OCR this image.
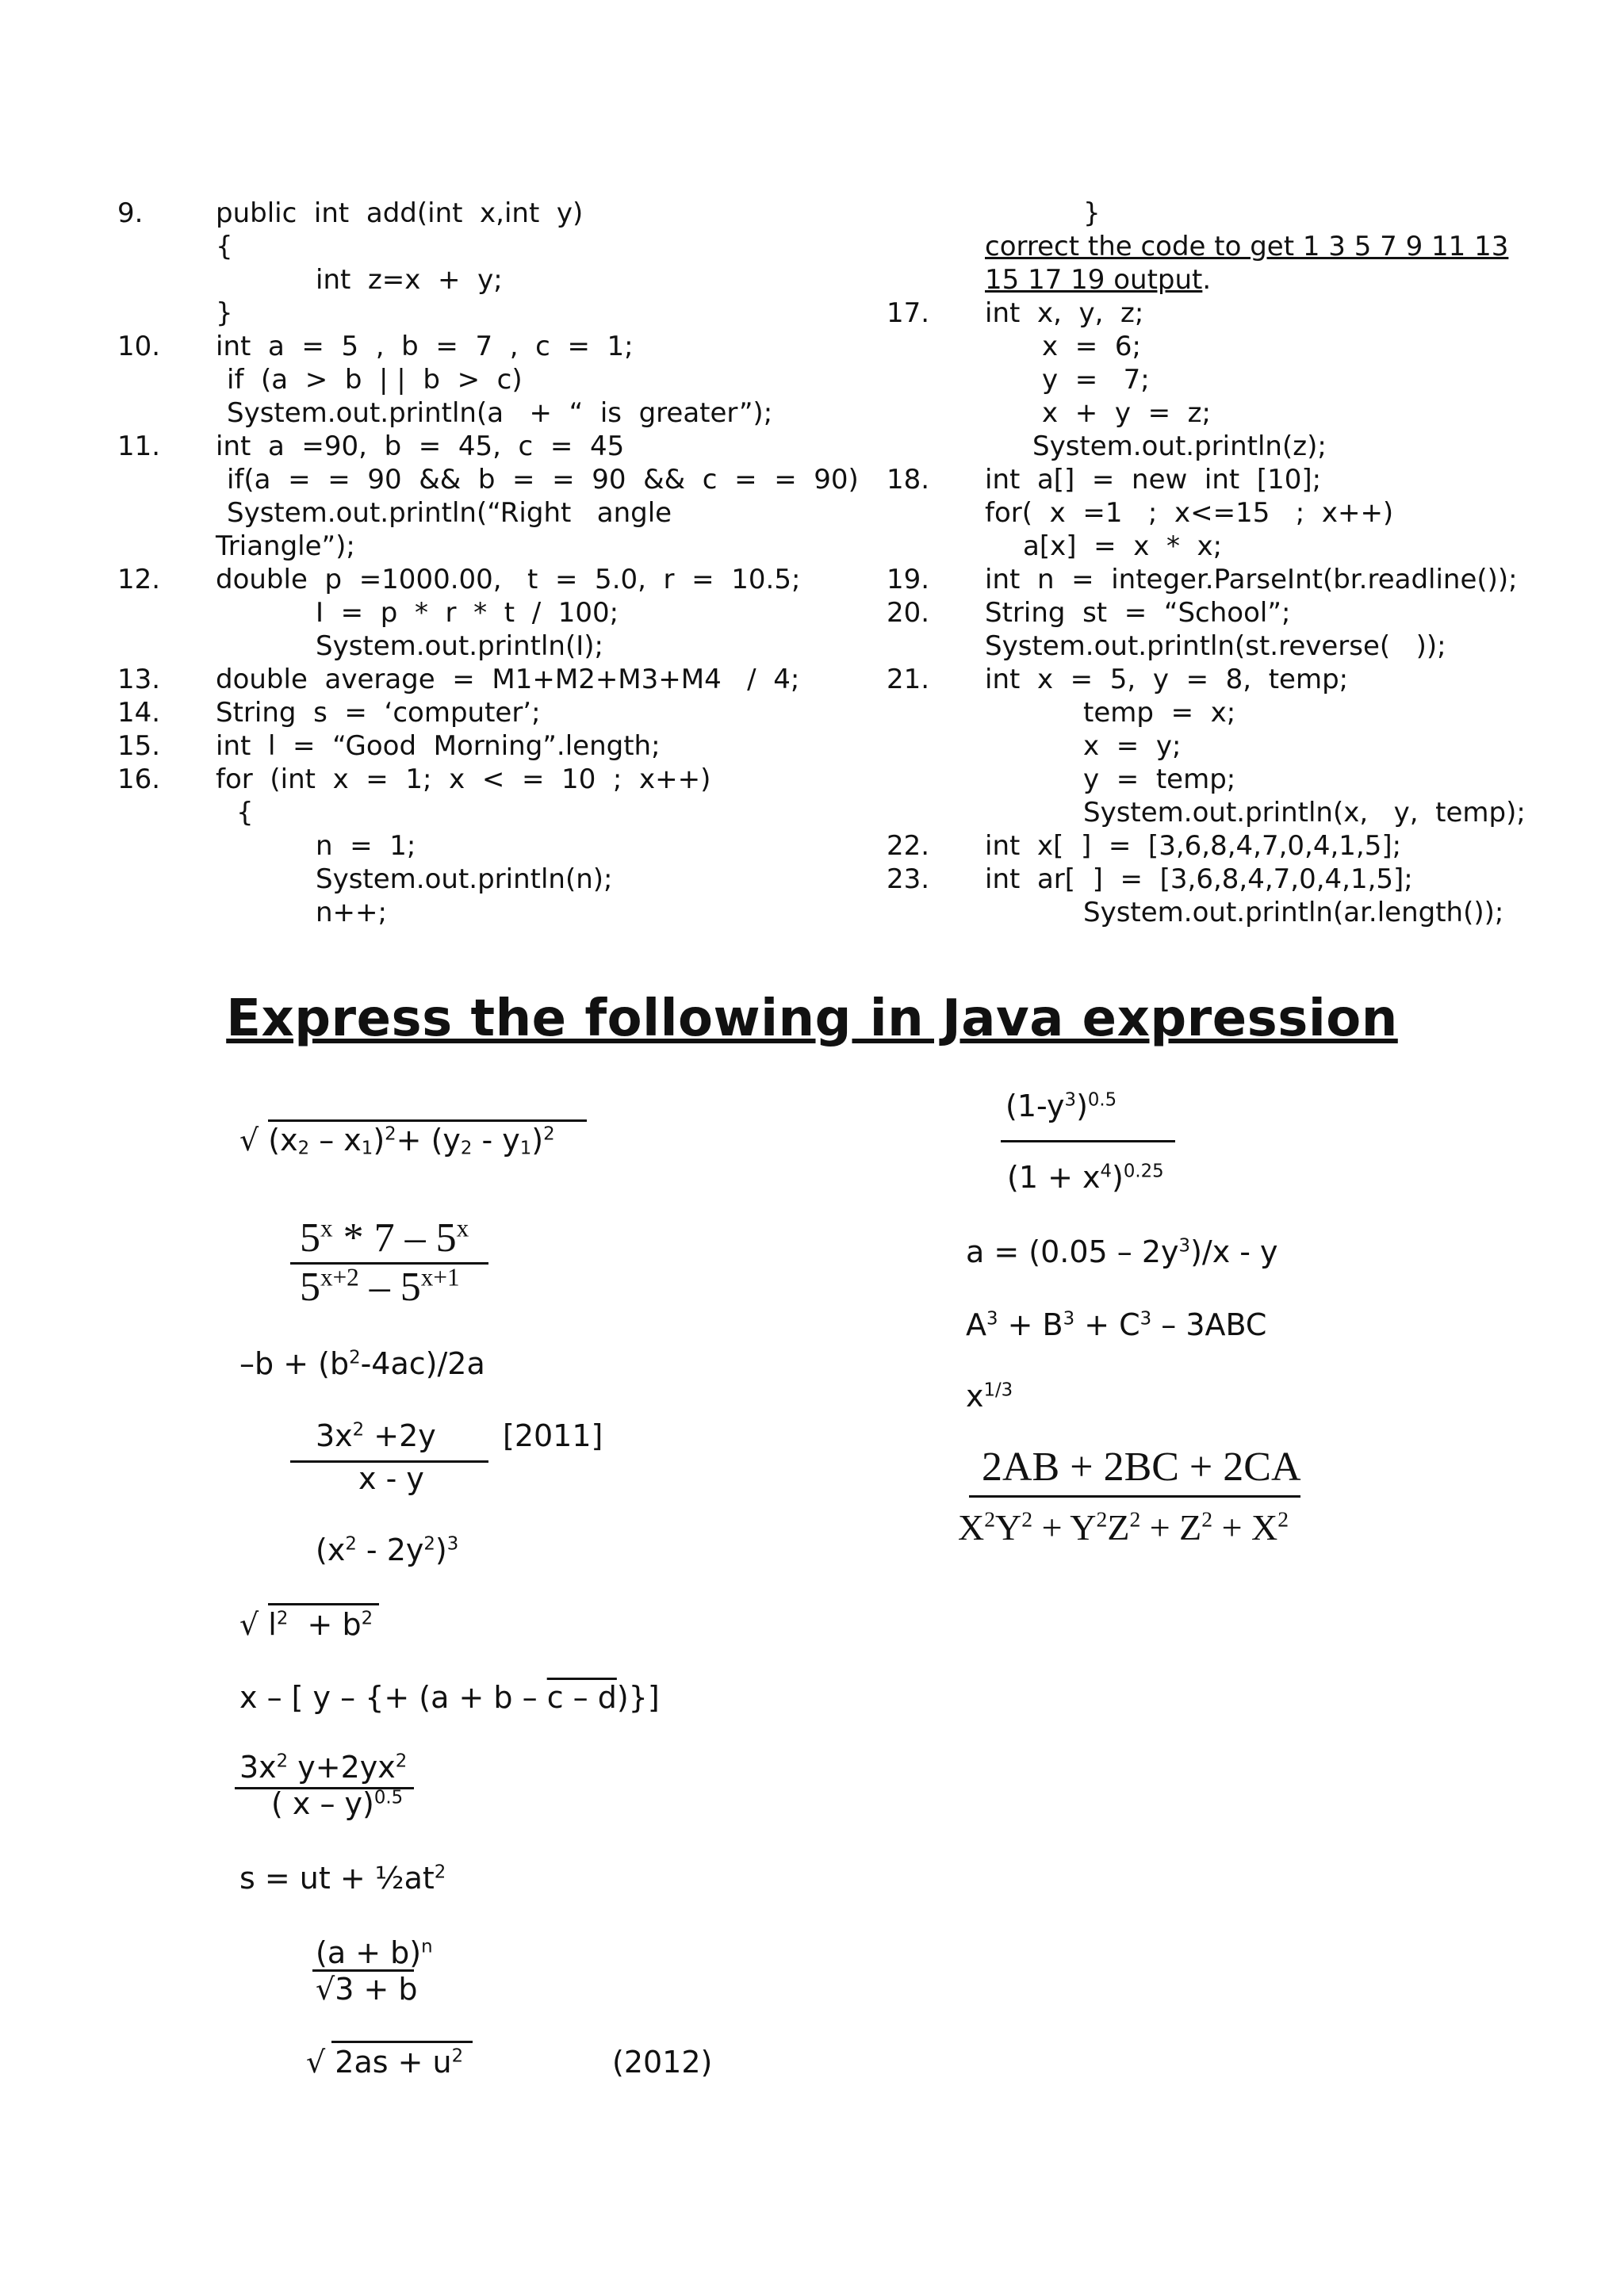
9.	public  int  add(int  x,int  y)
{
int  z=x  +  y;
}
10. int  a  =  5  ,  b  =  7  ,  c  =  1;
if  (a  >  b  | |  b  >  c)
System.out.println(a   +  “  is  greater”);
11. int  a  =90,  b  =  45,  c  =  45
if(a  =  =  90  &&  b  =  =  90  &&  c  =  =  90)
System.out.println(“Right   angle
Triangle”);
12. double  p  =1000.00,   t  =  5.0,  r  =  10.5;
I  =  p  *  r  *  t  /  100;
System.out.println(I);
13. double  average  =  M1+M2+M3+M4   /  4;
14. String  s  =  ‘computer’;
15. int  l  =  “Good  Morning”.length;
16. for  (int  x  =  1;  x  <  =  10  ;  x++)
{
n  =  1;
System.out.println(n);
n++;
}
correct the code to get 1 3 5 7 9 11 13
15 17 19 output.
17. int  x,  y,  z;
x  =  6;
y  =   7;
x  +  y  =  z;
System.out.println(z);
18. int  a[]  =  new  int  [10];
for(  x  =1   ;  x<=15   ;  x++)
a[x]  =  x  *  x;
19. int  n  =  integer.ParseInt(br.readline());
20. String  st  =  “School”;
System.out.println(st.reverse(   ));
21. int  x  =  5,  y  =  8,  temp;
temp  =  x;
x  =  y;
y  =  temp;
System.out.println(x,   y,  temp);
22. int  x[  ]  =  [3,6,8,4,7,0,4,1,5];
23. int  ar[  ]  =  [3,6,8,4,7,0,4,1,5];
System.out.println(ar.length());
Express the following in Java expression
√ $(x_2 - x_1)^2+ (y_2 - y_1)^2$
5$^x$ * 7 – 5$^x$
$5^{x+2} - 5^{x+1}$
$-b + (b^2-4ac)/2a$
$3x^2 +2y$ [2011]
x - y
$(x^2 - 2y^2)^3$
√ $l^2 + b^2$
x – [ y – {+ (a + b – c – d)}]
$3x^2$ $y+2yx^2$
( x – y)$^{0.5}$
s = ut + $\frac{1}{2}at^2$
$(a + b)^n$
√3 + b
√ $2as + u^2$	(2012)
$(1-y^3)^{0.5}$
$(1 + x^4)^{0.25}$
$a = (0.05 - 2y^3)/x - y$
$A^3 + B^3 + C^3 - 3ABC$
$x^{1/3}$
2AB + 2BC + 2CA
$X^2Y^2 + Y^2Z^2 + Z^2 + X^2$
